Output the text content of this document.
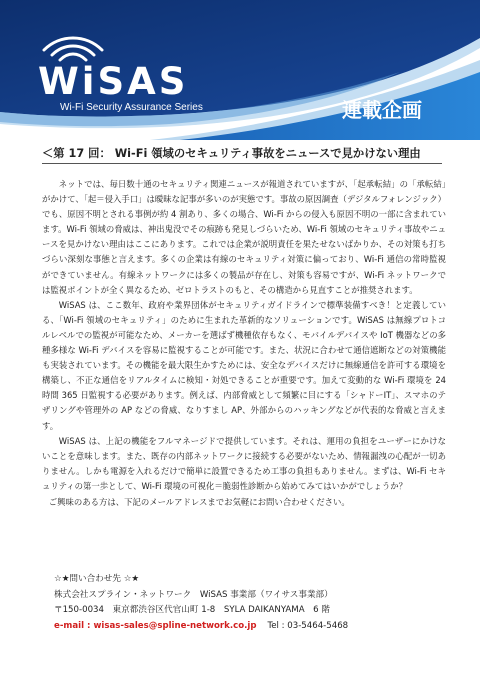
WiSAS
Wi-Fi Security Assurance Series	連載企画
＜第 17 回： Wi-Fi 領域のセキュリティ事故をニュースで見かけない理由

ネットでは、毎日数十通のセキュリティ関連ニュースが報道されていますが、「起承転結」の「承転結」がかけて、「起＝侵入手口」は曖昧な記事が多いのが実態です。事故の原因調査（デジタルフォレンジック）でも、原因不明とされる事例が約 4 割あり、多くの場合、Wi-Fi からの侵入も原因不明の一部に含まれています。Wi-Fi 領域の脅威は、神出鬼没でその痕跡も発見しづらいため、Wi-Fi 領域のセキュリティ事故やニュースを見かけない理由はここにあります。これでは企業が説明責任を果たせないばかりか、その対策も打ちづらい深刻な事態と言えます。多くの企業は有線のセキュリティ対策に偏っており、Wi-Fi 通信の常時監視ができていません。有線ネットワークには多くの製品が存在し、対策も容易ですが、Wi-Fi ネットワークでは監視ポイントが全く異なるため、ゼロトラストのもと、その構造から見直すことが推奨されます。

WiSAS は、ここ数年、政府や業界団体がセキュリティガイドラインで標準装備すべき！と定義している、「Wi-Fi 領域のセキュリティ」のために生まれた革新的なソリューションです。WiSAS は無線プロトコルレベルでの監視が可能なため、メーカーを選ばず機種依存もなく、モバイルデバイスや IoT 機器などの多種多様な Wi-Fi デバイスを容易に監視することが可能です。また、状況に合わせて通信遮断などの対策機能も実装されています。その機能を最大限生かすためには、安全なデバイスだけに無線通信を許可する環境を構築し、不正な通信をリアルタイムに検知・対処できることが重要です。加えて変動的な Wi-Fi 環境を 24 時間 365 日監視する必要があります。例えば、内部脅威として頻繁に目にする「シャドーIT」、スマホのテザリングや管理外の AP などの脅威、なりすまし AP、外部からのハッキングなどが代表的な脅威と言えます。

WiSAS は、上記の機能をフルマネージドで提供しています。それは、運用の負担をユーザーにかけないことを意味します。また、既存の内部ネットワークに接続する必要がないため、情報漏洩の心配が一切ありません。しかも電源を入れるだけで簡単に設置できるため工事の負担もありません。まずは、Wi-Fi セキュリティの第一歩として、Wi-Fi 環境の可視化＝脆弱性診断から始めてみてはいかがでしょうか？

ご興味のある方は、下記のメールアドレスまでお気軽にお問い合わせください。

☆★問い合わせ先 ☆★
株式会社スプライン・ネットワーク　WiSAS 事業部（ワイサス事業部）
〒150-0034　東京都渋谷区代官山町 1-8　SYLA DAIKANYAMA　6 階
e-mail : wisas-sales@spline-network.co.jp Tel : 03-5464-5468
